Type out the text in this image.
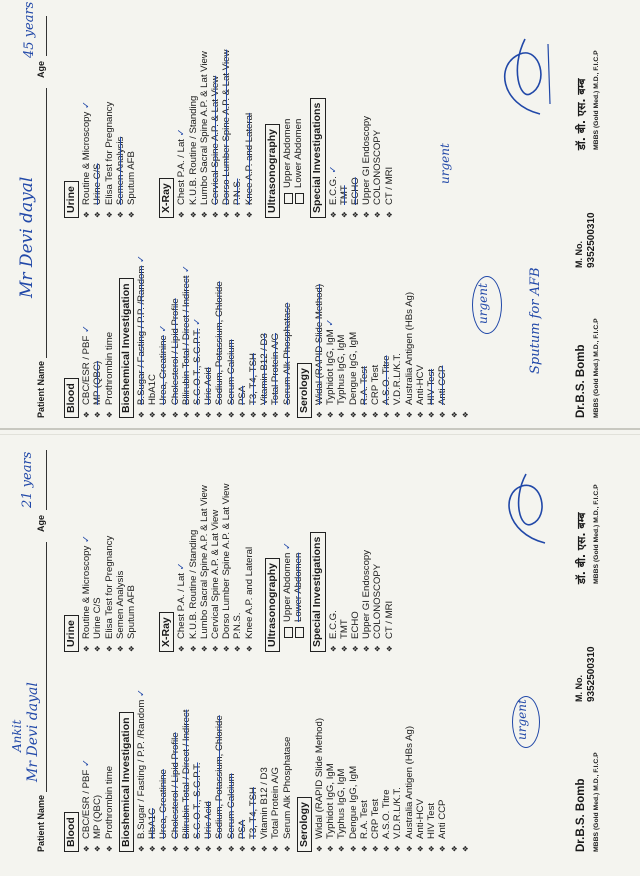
Patient Name
Mr Devi dayal
Age
45 years
Blood ❖ CBC/ESR / PBF ✓
❖ MP (QBC) ❖ Prothrombin time Bioshemical Investigation ❖ B.Sugar / Fasting / P.P. /Random ✓
❖ HbA1C ❖ Urea, Creatinine ✓ ❖ Cholesterol / Lipid Profile ❖ Bilirubin Total / Direct / Indirect ✓
❖ S.G.O.T., S.G.P.T. ✓
❖ Uric Acid ❖ Sodium, Potassium, Chloride ❖ Serum Calcium ❖ PSA ❖ T3, T4, TSH ❖ Vitamin B12 / D3 ❖ Total Protein A/G ❖ Serum Alk Phosphatase Serology ❖ Widal (RAPID Slide Method) ❖ Typhidot IgG, IgM ✓
❖ Typhus IgG, IgM ❖ Dengue IgG, IgM ❖ R.A. Test ❖ CRP Test ❖ A.S.O. Titre ❖ V.D.R.L/K.T. ❖ Australia Antigen (HBs Ag) ❖ Anti-HCV ❖ HIV Test ❖ Anti CCP
❖
❖
Urine ❖ Routine & Microscopy ✓
❖ Urine C/S ❖ Elisa Test for Pregnancy ❖ Semen Analysis ❖ Sputum AFB X-Ray ❖ Chest P.A. / Lat ✓ ❖ K.U.B. Routine / Standing ❖ Lumbo Sacral Spine A.P. & Lat View ❖ Cervical Spine A.P. & Lat View ❖ Dorso Lumber Spine A.P. & Lat View ❖ P.N.S. ❖ Knee A.P. and Lateral Ultrasonography Upper Abdomen Lower Abdomen Special Investigations ❖ E.C.G. ✓
❖ TMT ❖ ECHO ❖ Upper GI Endoscopy ❖ COLONOSCOPY ❖ CT / MRI
urgent
urgent
Sputum for AFB
Dr.B.S. Bomb MBBS (Gold Med.) M.D., F.I.C.P
M. No. 9352500310
डॉ. बी. एस. बम्ब MBBS (Gold Med.) M.D., F.I.C.P
Patient Name
Ankit Mr Devi dayal
Age
21 years
Blood ❖ CBC/ESR / PBF ✓
❖ MP (QBC) ❖ Prothrombin time Bioshemical Investigation ❖ B.Sugar / Fasting / P.P. /Random ✓
❖ HbA1C ❖ Urea, Creatinine ❖ Cholesterol / Lipid Profile ❖ Bilirubin Total / Direct / Indirect ❖ S.G.O.T., S.G.P.T. ❖ Uric Acid ❖ Sodium, Potassium, Chloride ❖ Serum Calcium ❖ PSA ❖ T3, T4, TSH ❖ Vitamin B12 / D3 ❖ Total Protein A/G ❖ Serum Alk Phosphatase Serology ❖ Widal (RAPID Slide Method) ❖ Typhidot IgG, IgM ❖ Typhus IgG, IgM ❖ Dengue IgG, IgM ❖ R.A. Test ❖ CRP Test ❖ A.S.O. Titre ❖ V.D.R.L/K.T. ❖ Australia Antigen (HBs Ag) ❖ Anti-HCV ❖ HIV Test ❖ Anti CCP
❖
❖
Urine ❖ Routine & Microscopy ✓
❖ Urine C/S ❖ Elisa Test for Pregnancy ❖ Semen Analysis ❖ Sputum AFB X-Ray ❖ Chest P.A. / Lat ✓ ❖ K.U.B. Routine / Standing ❖ Lumbo Sacral Spine A.P. & Lat View ❖ Cervical Spine A.P. & Lat View ❖ Dorso Lumber Spine A.P. & Lat View ❖ P.N.S. ❖ Knee A.P. and Lateral Ultrasonography Upper Abdomen ✓
Lower Abdomen Special Investigations ❖ E.C.G. ❖ TMT ❖ ECHO ❖ Upper GI Endoscopy ❖ COLONOSCOPY ❖ CT / MRI
urgent
Dr.B.S. Bomb MBBS (Gold Med.) M.D., F.I.C.P
M. No. 9352500310
डॉ. बी. एस. बम्ब MBBS (Gold Med.) M.D., F.I.C.P
